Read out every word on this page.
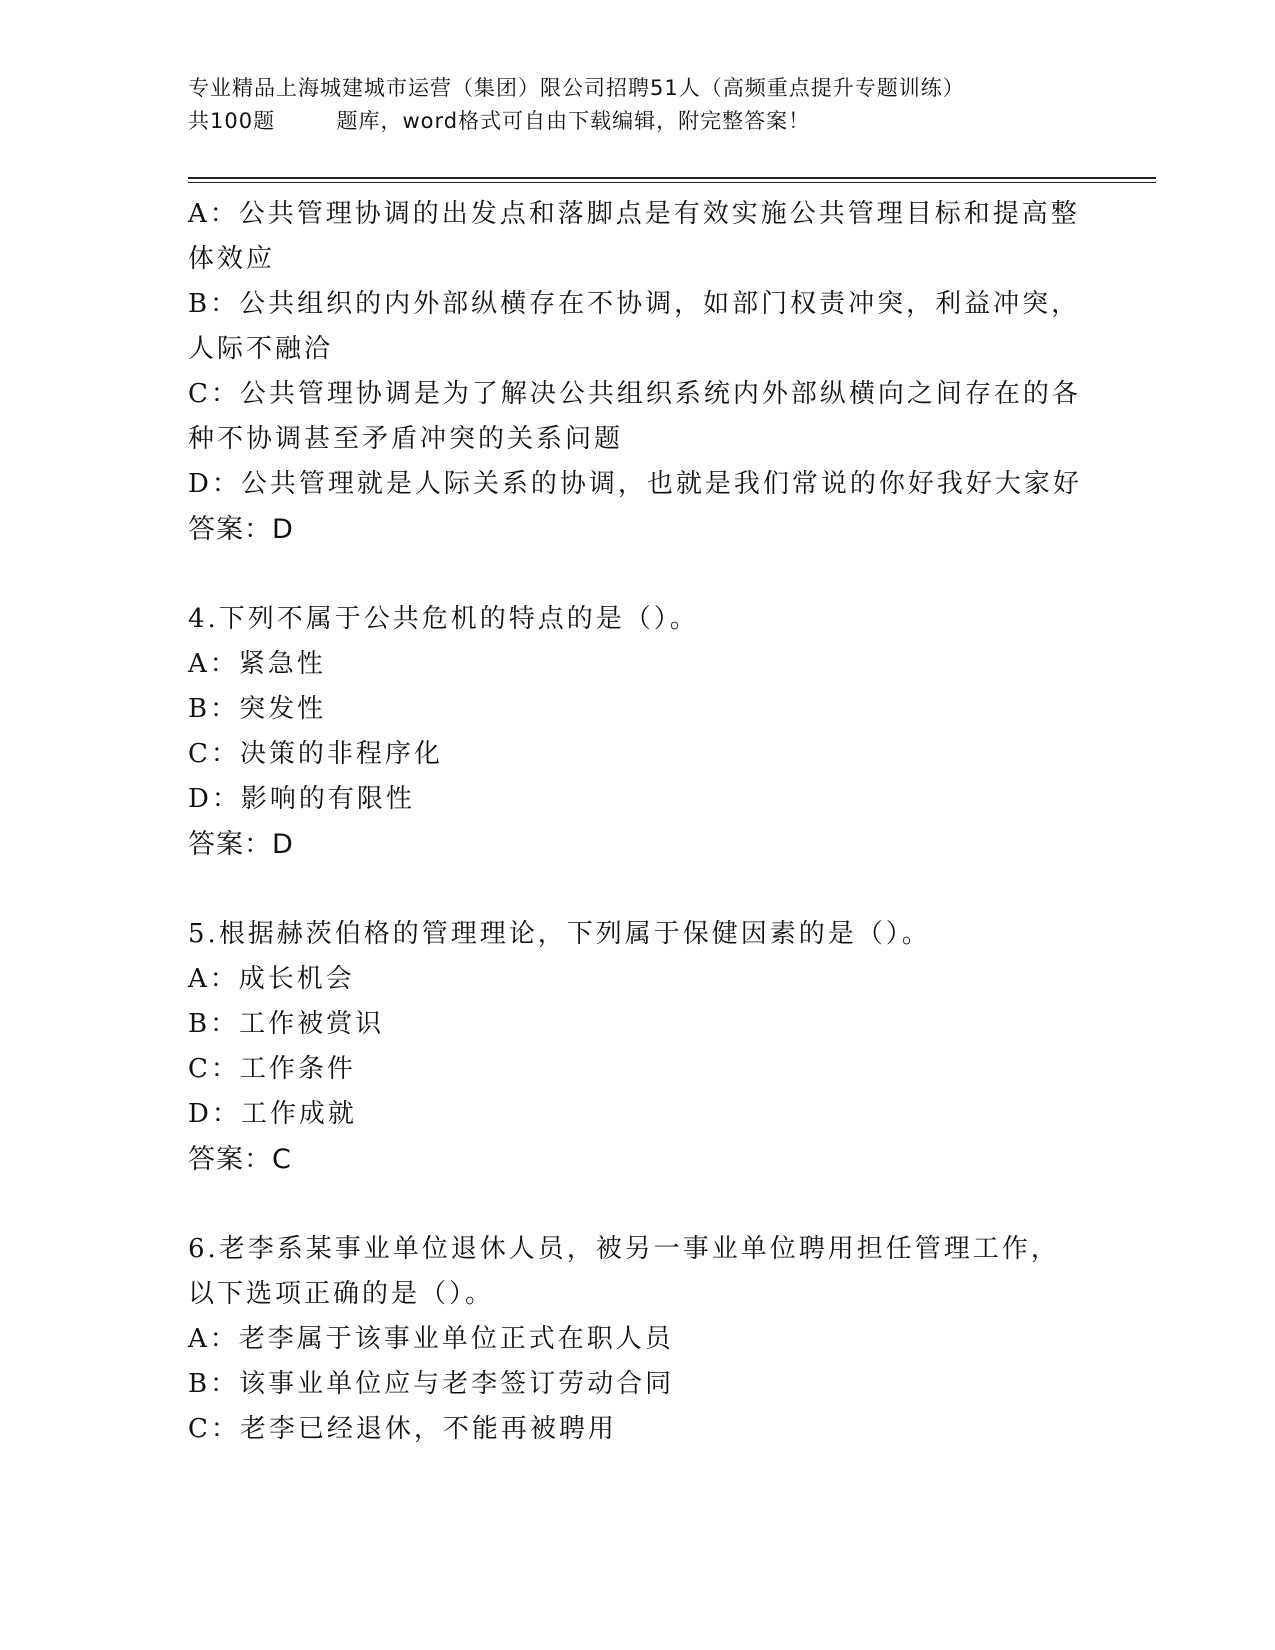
专业精品上海城建城市运营（集团）限公司招聘51人（高频重点提升专题训练）
共100题        题库，word格式可自由下载编辑，附完整答案！

A：公共管理协调的出发点和落脚点是有效实施公共管理目标和提高整

体效应

B：公共组织的内外部纵横存在不协调，如部门权责冲突，利益冲突，

人际不融洽

C：公共管理协调是为了解决公共组织系统内外部纵横向之间存在的各

种不协调甚至矛盾冲突的关系问题

D：公共管理就是人际关系的协调，也就是我们常说的你好我好大家好

答案：D

4.下列不属于公共危机的特点的是（）。

A：紧急性

B：突发性

C：决策的非程序化

D：影响的有限性

答案：D

5.根据赫茨伯格的管理理论，下列属于保健因素的是（）。

A：成长机会

B：工作被赏识

C：工作条件

D：工作成就

答案：C

6.老李系某事业单位退休人员，被另一事业单位聘用担任管理工作，

以下选项正确的是（）。

A：老李属于该事业单位正式在职人员

B：该事业单位应与老李签订劳动合同

C：老李已经退休，不能再被聘用
